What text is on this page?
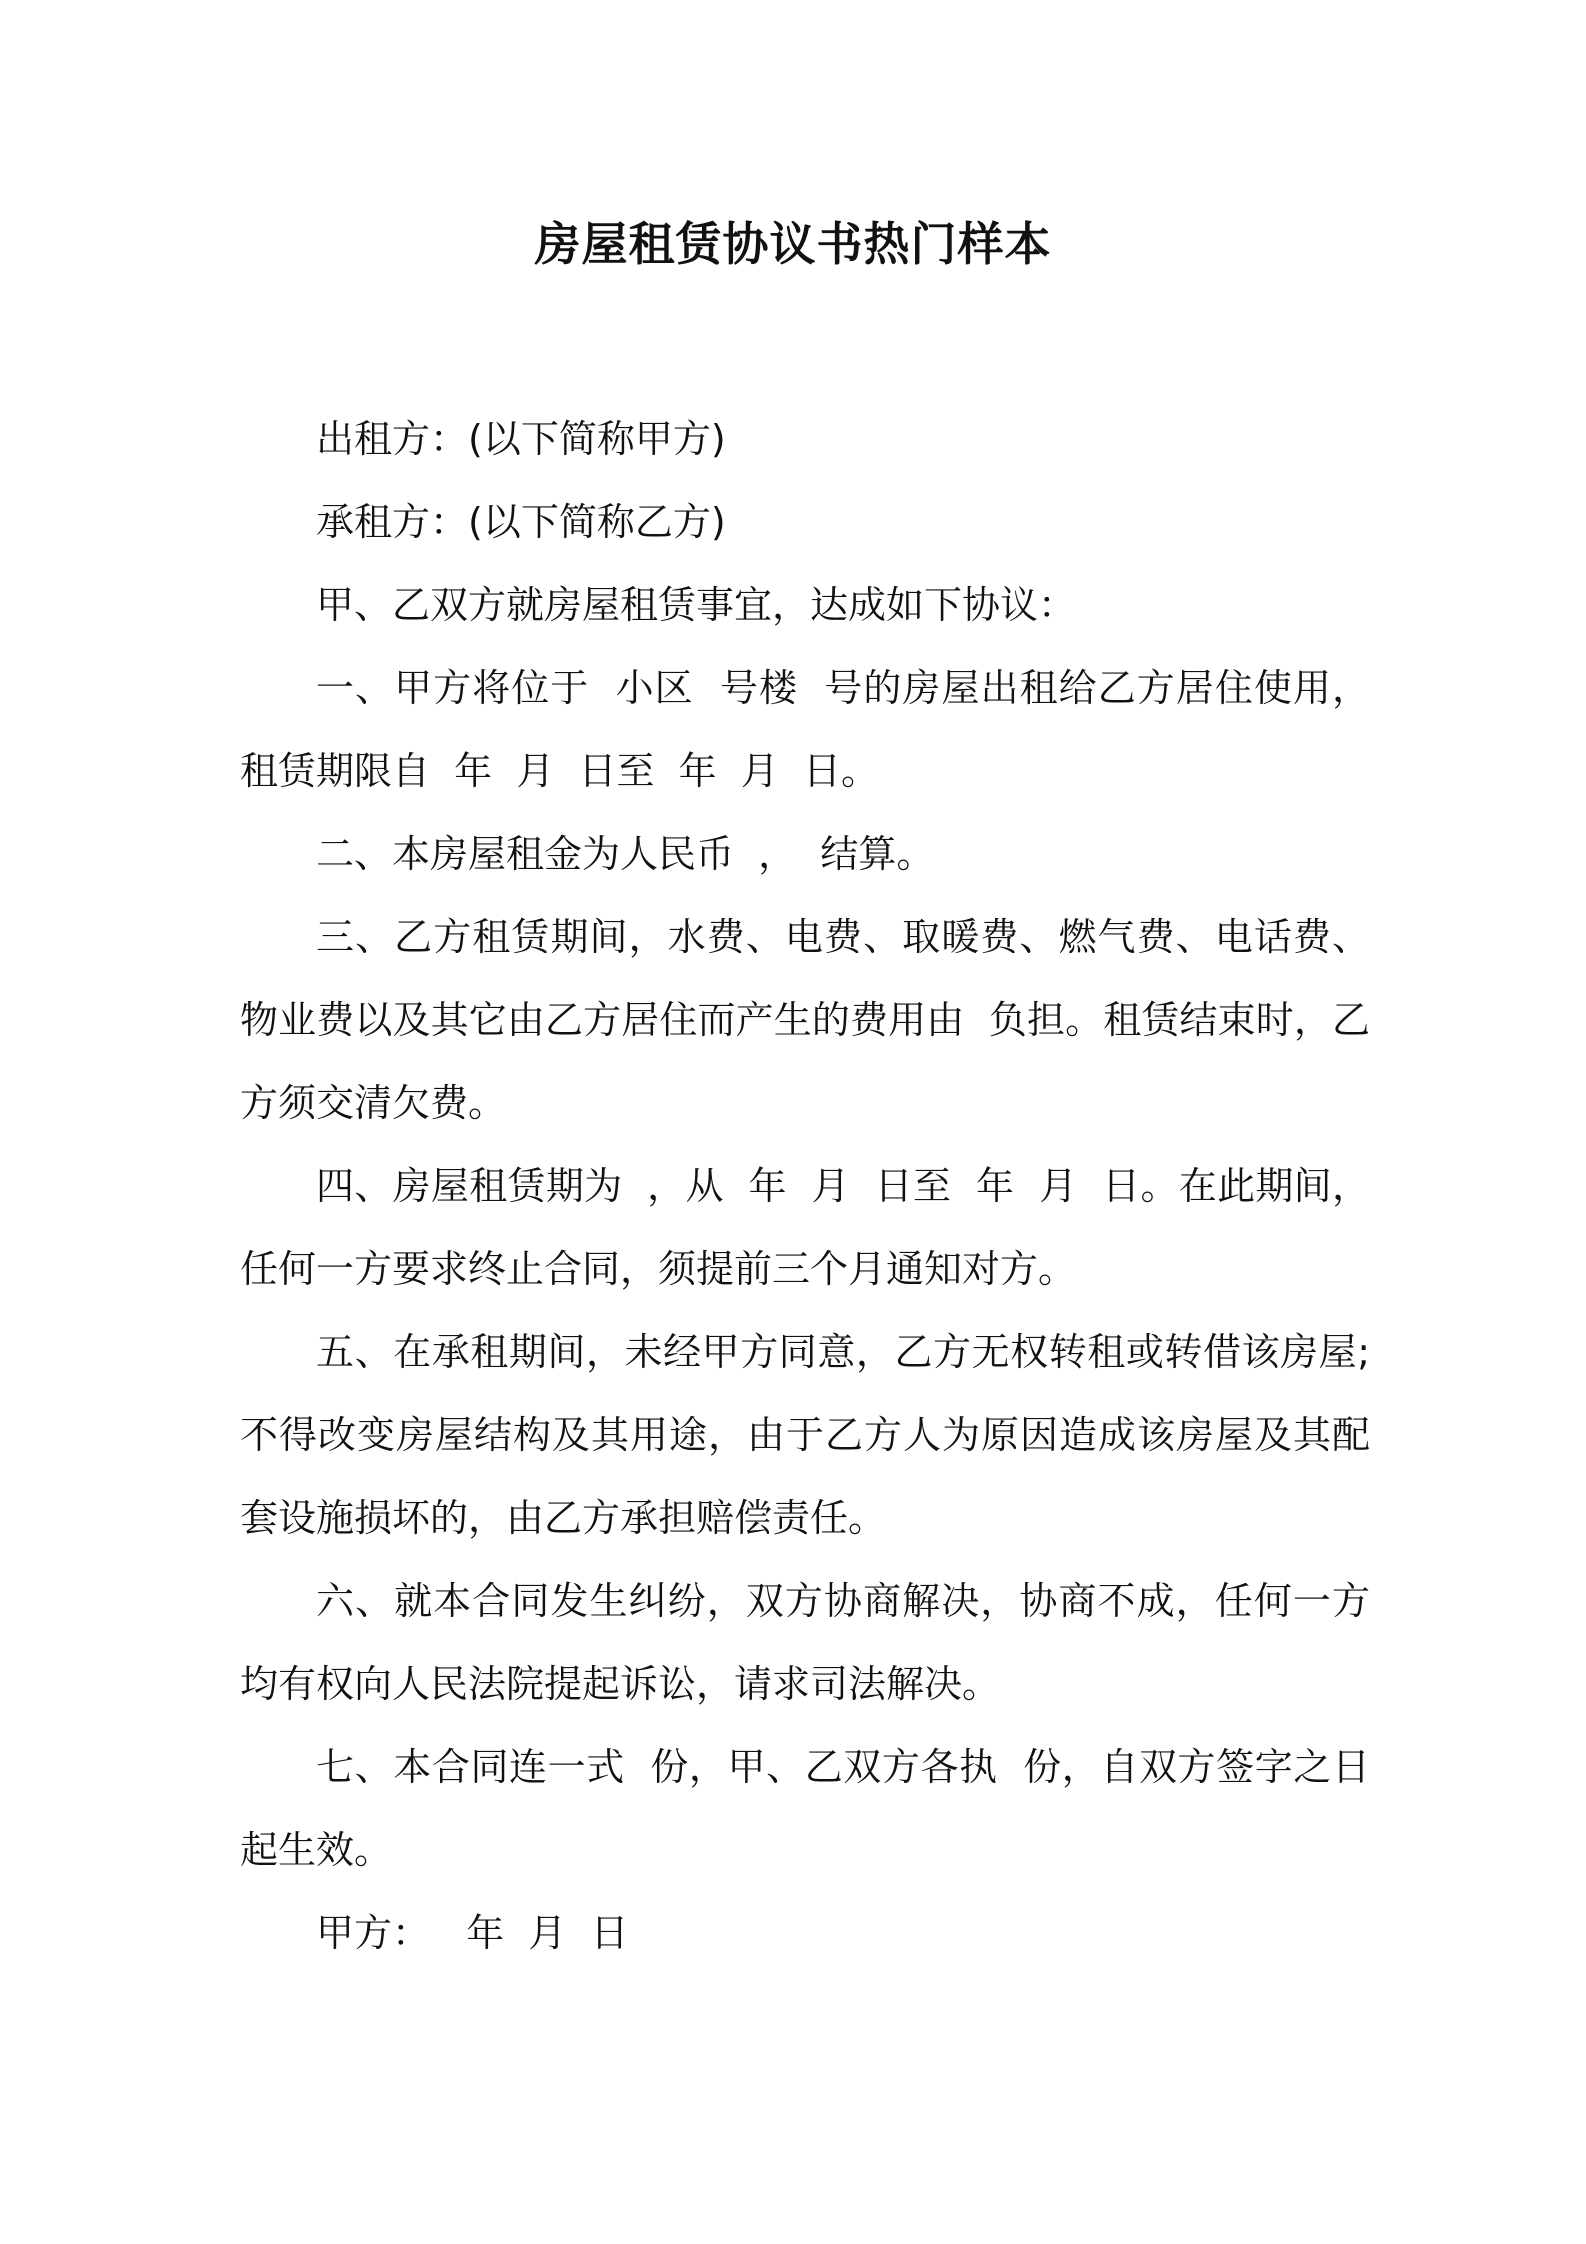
房屋租赁协议书热门样本

出租方：(以下简称甲方)

承租方：(以下简称乙方)

甲、乙双方就房屋租赁事宜，达成如下协议：

一、甲方将位于  小区  号楼  号的房屋出租给乙方居住使用，租赁期限自  年  月  日至  年  月  日。

二、本房屋租金为人民币  ，  结算。

三、乙方租赁期间，水费、电费、取暖费、燃气费、电话费、物业费以及其它由乙方居住而产生的费用由  负担。租赁结束时，乙方须交清欠费。

四、房屋租赁期为  ，从  年  月  日至  年  月  日。在此期间，任何一方要求终止合同，须提前三个月通知对方。

五、在承租期间，未经甲方同意，乙方无权转租或转借该房屋;不得改变房屋结构及其用途，由于乙方人为原因造成该房屋及其配套设施损坏的，由乙方承担赔偿责任。

六、就本合同发生纠纷，双方协商解决，协商不成，任何一方均有权向人民法院提起诉讼，请求司法解决。

七、本合同连一式  份，甲、乙双方各执  份，自双方签字之日起生效。

甲方：   年  月  日
